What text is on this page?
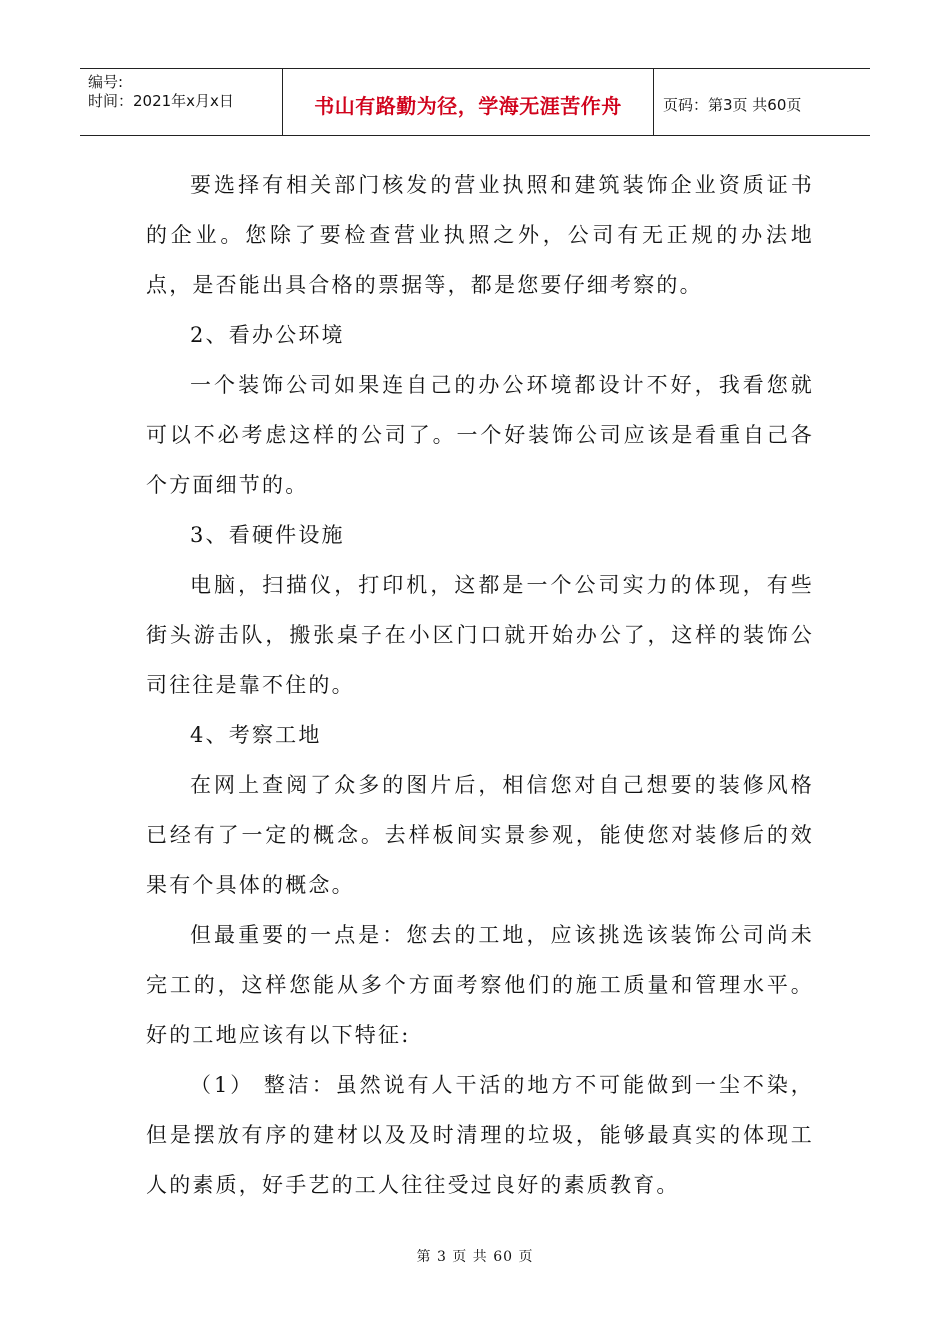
编号:
时间：2021年x月x日	书山有路勤为径，学海无涯苦作舟	页码：第3页 共60页

要选择有相关部门核发的营业执照和建筑装饰企业资质证书的企业。您除了要检查营业执照之外，公司有无正规的办法地点，是否能出具合格的票据等，都是您要仔细考察的。

2、看办公环境

一个装饰公司如果连自己的办公环境都设计不好，我看您就可以不必考虑这样的公司了。一个好装饰公司应该是看重自己各个方面细节的。

3、看硬件设施

电脑，扫描仪，打印机，这都是一个公司实力的体现，有些街头游击队，搬张桌子在小区门口就开始办公了，这样的装饰公司往往是靠不住的。

4、考察工地

在网上查阅了众多的图片后，相信您对自己想要的装修风格已经有了一定的概念。去样板间实景参观，能使您对装修后的效果有个具体的概念。

但最重要的一点是：您去的工地，应该挑选该装饰公司尚未完工的，这样您能从多个方面考察他们的施工质量和管理水平。好的工地应该有以下特征:

（1） 整洁：虽然说有人干活的地方不可能做到一尘不染，但是摆放有序的建材以及及时清理的垃圾，能够最真实的体现工人的素质，好手艺的工人往往受过良好的素质教育。

第 3 页 共 60 页
